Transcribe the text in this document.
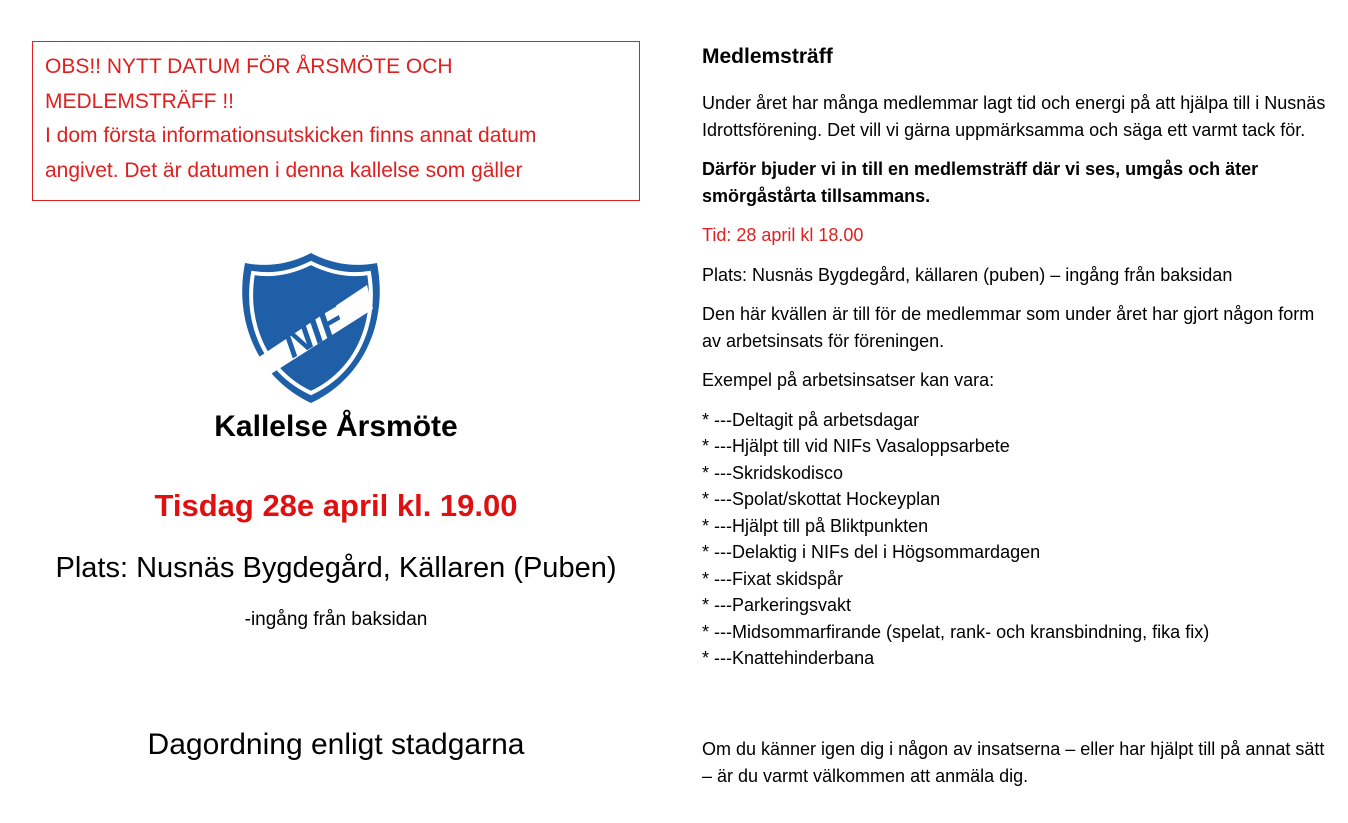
OBS!! NYTT DATUM FÖR ÅRSMÖTE OCH
MEDLEMSTRÄFF !!
I dom första informationsutskicken finns annat datum
angivet. Det är datumen i denna kallelse som gäller
NIF
Kallelse Årsmöte
Tisdag 28e april kl. 19.00
Plats: Nusnäs Bygdegård, Källaren (Puben)
-ingång från baksidan
Dagordning enligt stadgarna
Medlemsträff

Under året har många medlemmar lagt tid och energi på att hjälpa till i Nusnäs Idrottsförening. Det vill vi gärna uppmärksamma och säga ett varmt tack för.

Därför bjuder vi in till en medlemsträff där vi ses, umgås och äter smörgåstårta tillsammans.

Tid: 28 april kl 18.00

Plats: Nusnäs Bygdegård, källaren (puben) – ingång från baksidan

Den här kvällen är till för de medlemmar som under året har gjort någon form av arbetsinsats för föreningen.

Exempel på arbetsinsatser kan vara:

* ---Deltagit på arbetsdagar
* ---Hjälpt till vid NIFs Vasaloppsarbete
* ---Skridskodisco
* ---Spolat/skottat Hockeyplan
* ---Hjälpt till på Bliktpunkten
* ---Delaktig i NIFs del i Högsommardagen
* ---Fixat skidspår
* ---Parkeringsvakt
* ---Midsommarfirande (spelat, rank- och kransbindning, fika fix)
* ---Knattehinderbana

Om du känner igen dig i någon av insatserna – eller har hjälpt till på annat sätt – är du varmt välkommen att anmäla dig.
